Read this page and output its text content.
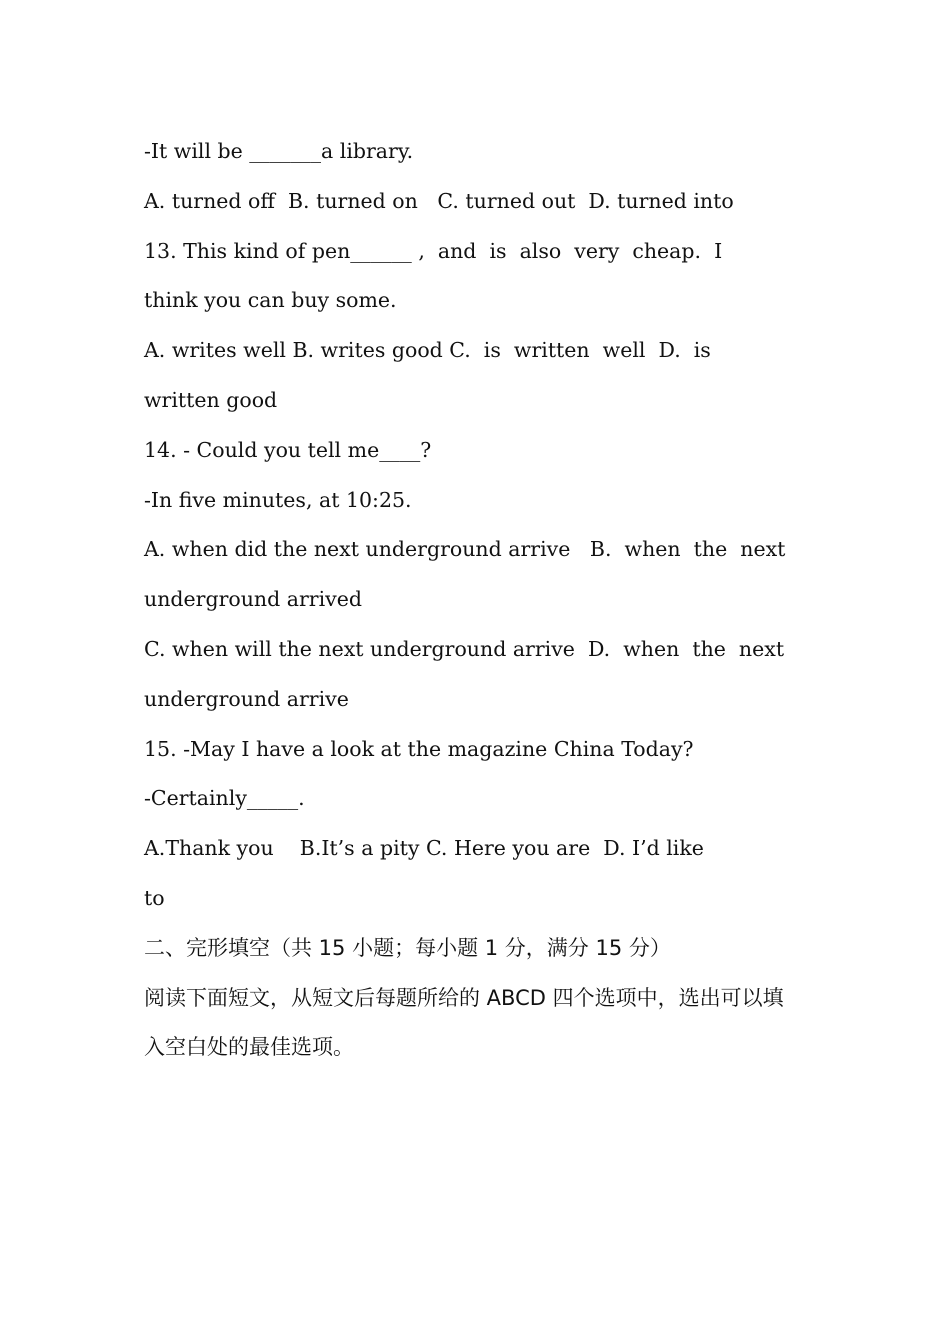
-It will be _______a library.
A. turned off  B. turned on   C. turned out  D. turned into
13. This kind of pen______ ,  and  is  also  very  cheap.  I
think you can buy some.
A. writes well B. writes good C.  is  written  well  D.  is
written good
14. - Could you tell me____?
-In five minutes, at 10:25.
A. when did the next underground arrive   B.  when  the  next
underground arrived
C. when will the next underground arrive  D.  when  the  next
underground arrive
15. -May I have a look at the magazine China Today?
-Certainly_____.
A.Thank you    B.It’s a pity C. Here you are  D. I’d like
to
二、完形填空（共 15 小题；每小题 1 分，满分 15 分）
阅读下面短文，从短文后每题所给的 ABCD 四个选项中，选出可以填
入空白处的最佳选项。
